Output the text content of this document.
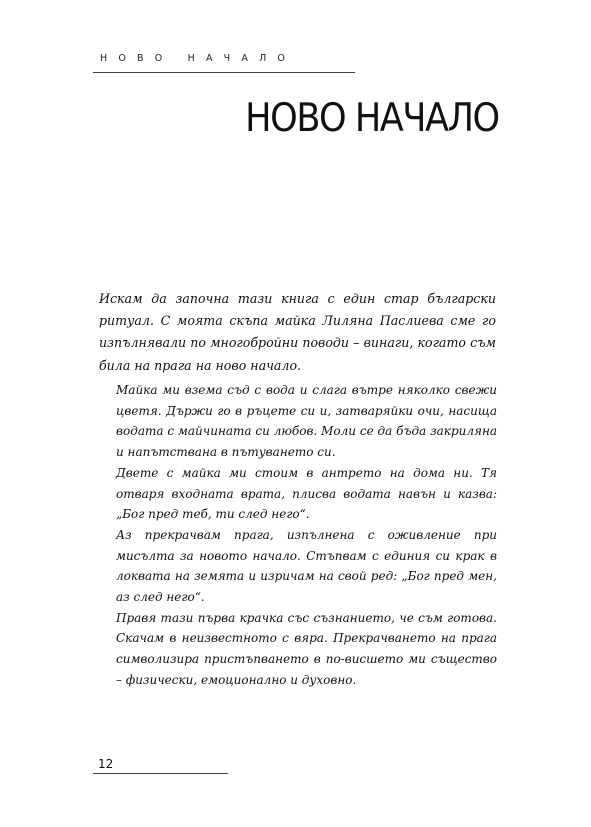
НОВО НАЧАЛО
НОВО НАЧАЛО

Искам да започна тази книга с един стар български ритуал. С моята скъпа майка Лиляна Паслиева сме го изпълнявали по многобройни поводи – винаги, когато съм била на прага на ново начало.

Майка ми взема съд с вода и слага вътре няколко свежи цветя. Държи го в ръцете си и, затваряйки очи, насища водата с майчината си любов. Моли се да бъда закриляна и напътствана в пътуването си.

Двете с майка ми стоим в антрето на дома ни. Тя отваря входната врата, плисва водата навън и казва: „Бог пред теб, ти след него“.

Аз прекрачвам прага, изпълнена с оживление при мисълта за новото начало. Стъпвам с единия си крак в локвата на земята и изричам на свой ред: „Бог пред мен, аз след него“.

Правя тази първа крачка със съзнанието, че съм готова. Скачам в неизвестното с вяра. Прекрачването на прага символизира пристъпването в по-висшето ми същество – физически, емоционално и духовно.

12
